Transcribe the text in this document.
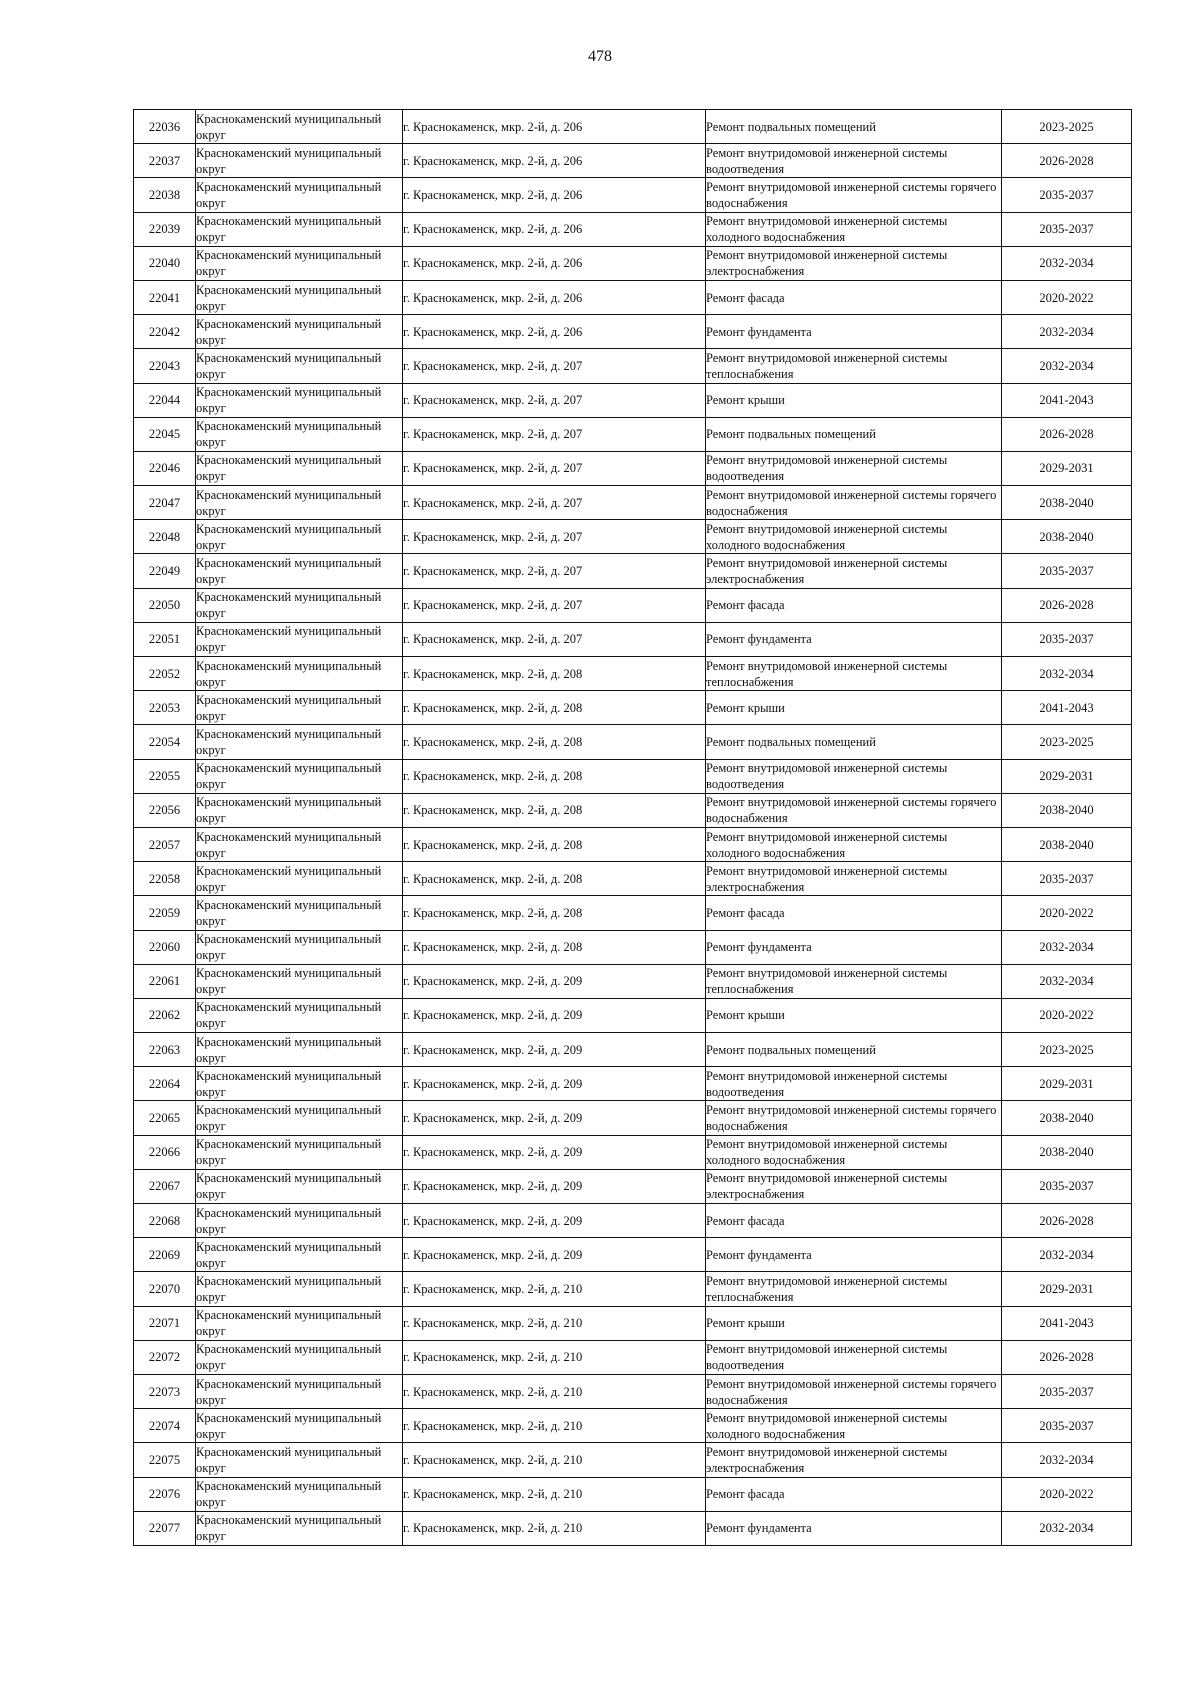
478
22036	Краснокаменский муниципальный округ	г. Краснокаменск, мкр. 2-й, д. 206	Ремонт подвальных помещений	2023-2025
22037	Краснокаменский муниципальный округ	г. Краснокаменск, мкр. 2-й, д. 206	Ремонт внутридомовой инженерной системы водоотведения	2026-2028
22038	Краснокаменский муниципальный округ	г. Краснокаменск, мкр. 2-й, д. 206	Ремонт внутридомовой инженерной системы горячего водоснабжения	2035-2037
22039	Краснокаменский муниципальный округ	г. Краснокаменск, мкр. 2-й, д. 206	Ремонт внутридомовой инженерной системы холодного водоснабжения	2035-2037
22040	Краснокаменский муниципальный округ	г. Краснокаменск, мкр. 2-й, д. 206	Ремонт внутридомовой инженерной системы электроснабжения	2032-2034
22041	Краснокаменский муниципальный округ	г. Краснокаменск, мкр. 2-й, д. 206	Ремонт фасада	2020-2022
22042	Краснокаменский муниципальный округ	г. Краснокаменск, мкр. 2-й, д. 206	Ремонт фундамента	2032-2034
22043	Краснокаменский муниципальный округ	г. Краснокаменск, мкр. 2-й, д. 207	Ремонт внутридомовой инженерной системы теплоснабжения	2032-2034
22044	Краснокаменский муниципальный округ	г. Краснокаменск, мкр. 2-й, д. 207	Ремонт крыши	2041-2043
22045	Краснокаменский муниципальный округ	г. Краснокаменск, мкр. 2-й, д. 207	Ремонт подвальных помещений	2026-2028
22046	Краснокаменский муниципальный округ	г. Краснокаменск, мкр. 2-й, д. 207	Ремонт внутридомовой инженерной системы водоотведения	2029-2031
22047	Краснокаменский муниципальный округ	г. Краснокаменск, мкр. 2-й, д. 207	Ремонт внутридомовой инженерной системы горячего водоснабжения	2038-2040
22048	Краснокаменский муниципальный округ	г. Краснокаменск, мкр. 2-й, д. 207	Ремонт внутридомовой инженерной системы холодного водоснабжения	2038-2040
22049	Краснокаменский муниципальный округ	г. Краснокаменск, мкр. 2-й, д. 207	Ремонт внутридомовой инженерной системы электроснабжения	2035-2037
22050	Краснокаменский муниципальный округ	г. Краснокаменск, мкр. 2-й, д. 207	Ремонт фасада	2026-2028
22051	Краснокаменский муниципальный округ	г. Краснокаменск, мкр. 2-й, д. 207	Ремонт фундамента	2035-2037
22052	Краснокаменский муниципальный округ	г. Краснокаменск, мкр. 2-й, д. 208	Ремонт внутридомовой инженерной системы теплоснабжения	2032-2034
22053	Краснокаменский муниципальный округ	г. Краснокаменск, мкр. 2-й, д. 208	Ремонт крыши	2041-2043
22054	Краснокаменский муниципальный округ	г. Краснокаменск, мкр. 2-й, д. 208	Ремонт подвальных помещений	2023-2025
22055	Краснокаменский муниципальный округ	г. Краснокаменск, мкр. 2-й, д. 208	Ремонт внутридомовой инженерной системы водоотведения	2029-2031
22056	Краснокаменский муниципальный округ	г. Краснокаменск, мкр. 2-й, д. 208	Ремонт внутридомовой инженерной системы горячего водоснабжения	2038-2040
22057	Краснокаменский муниципальный округ	г. Краснокаменск, мкр. 2-й, д. 208	Ремонт внутридомовой инженерной системы холодного водоснабжения	2038-2040
22058	Краснокаменский муниципальный округ	г. Краснокаменск, мкр. 2-й, д. 208	Ремонт внутридомовой инженерной системы электроснабжения	2035-2037
22059	Краснокаменский муниципальный округ	г. Краснокаменск, мкр. 2-й, д. 208	Ремонт фасада	2020-2022
22060	Краснокаменский муниципальный округ	г. Краснокаменск, мкр. 2-й, д. 208	Ремонт фундамента	2032-2034
22061	Краснокаменский муниципальный округ	г. Краснокаменск, мкр. 2-й, д. 209	Ремонт внутридомовой инженерной системы теплоснабжения	2032-2034
22062	Краснокаменский муниципальный округ	г. Краснокаменск, мкр. 2-й, д. 209	Ремонт крыши	2020-2022
22063	Краснокаменский муниципальный округ	г. Краснокаменск, мкр. 2-й, д. 209	Ремонт подвальных помещений	2023-2025
22064	Краснокаменский муниципальный округ	г. Краснокаменск, мкр. 2-й, д. 209	Ремонт внутридомовой инженерной системы водоотведения	2029-2031
22065	Краснокаменский муниципальный округ	г. Краснокаменск, мкр. 2-й, д. 209	Ремонт внутридомовой инженерной системы горячего водоснабжения	2038-2040
22066	Краснокаменский муниципальный округ	г. Краснокаменск, мкр. 2-й, д. 209	Ремонт внутридомовой инженерной системы холодного водоснабжения	2038-2040
22067	Краснокаменский муниципальный округ	г. Краснокаменск, мкр. 2-й, д. 209	Ремонт внутридомовой инженерной системы электроснабжения	2035-2037
22068	Краснокаменский муниципальный округ	г. Краснокаменск, мкр. 2-й, д. 209	Ремонт фасада	2026-2028
22069	Краснокаменский муниципальный округ	г. Краснокаменск, мкр. 2-й, д. 209	Ремонт фундамента	2032-2034
22070	Краснокаменский муниципальный округ	г. Краснокаменск, мкр. 2-й, д. 210	Ремонт внутридомовой инженерной системы теплоснабжения	2029-2031
22071	Краснокаменский муниципальный округ	г. Краснокаменск, мкр. 2-й, д. 210	Ремонт крыши	2041-2043
22072	Краснокаменский муниципальный округ	г. Краснокаменск, мкр. 2-й, д. 210	Ремонт внутридомовой инженерной системы водоотведения	2026-2028
22073	Краснокаменский муниципальный округ	г. Краснокаменск, мкр. 2-й, д. 210	Ремонт внутридомовой инженерной системы горячего водоснабжения	2035-2037
22074	Краснокаменский муниципальный округ	г. Краснокаменск, мкр. 2-й, д. 210	Ремонт внутридомовой инженерной системы холодного водоснабжения	2035-2037
22075	Краснокаменский муниципальный округ	г. Краснокаменск, мкр. 2-й, д. 210	Ремонт внутридомовой инженерной системы электроснабжения	2032-2034
22076	Краснокаменский муниципальный округ	г. Краснокаменск, мкр. 2-й, д. 210	Ремонт фасада	2020-2022
22077	Краснокаменский муниципальный округ	г. Краснокаменск, мкр. 2-й, д. 210	Ремонт фундамента	2032-2034
